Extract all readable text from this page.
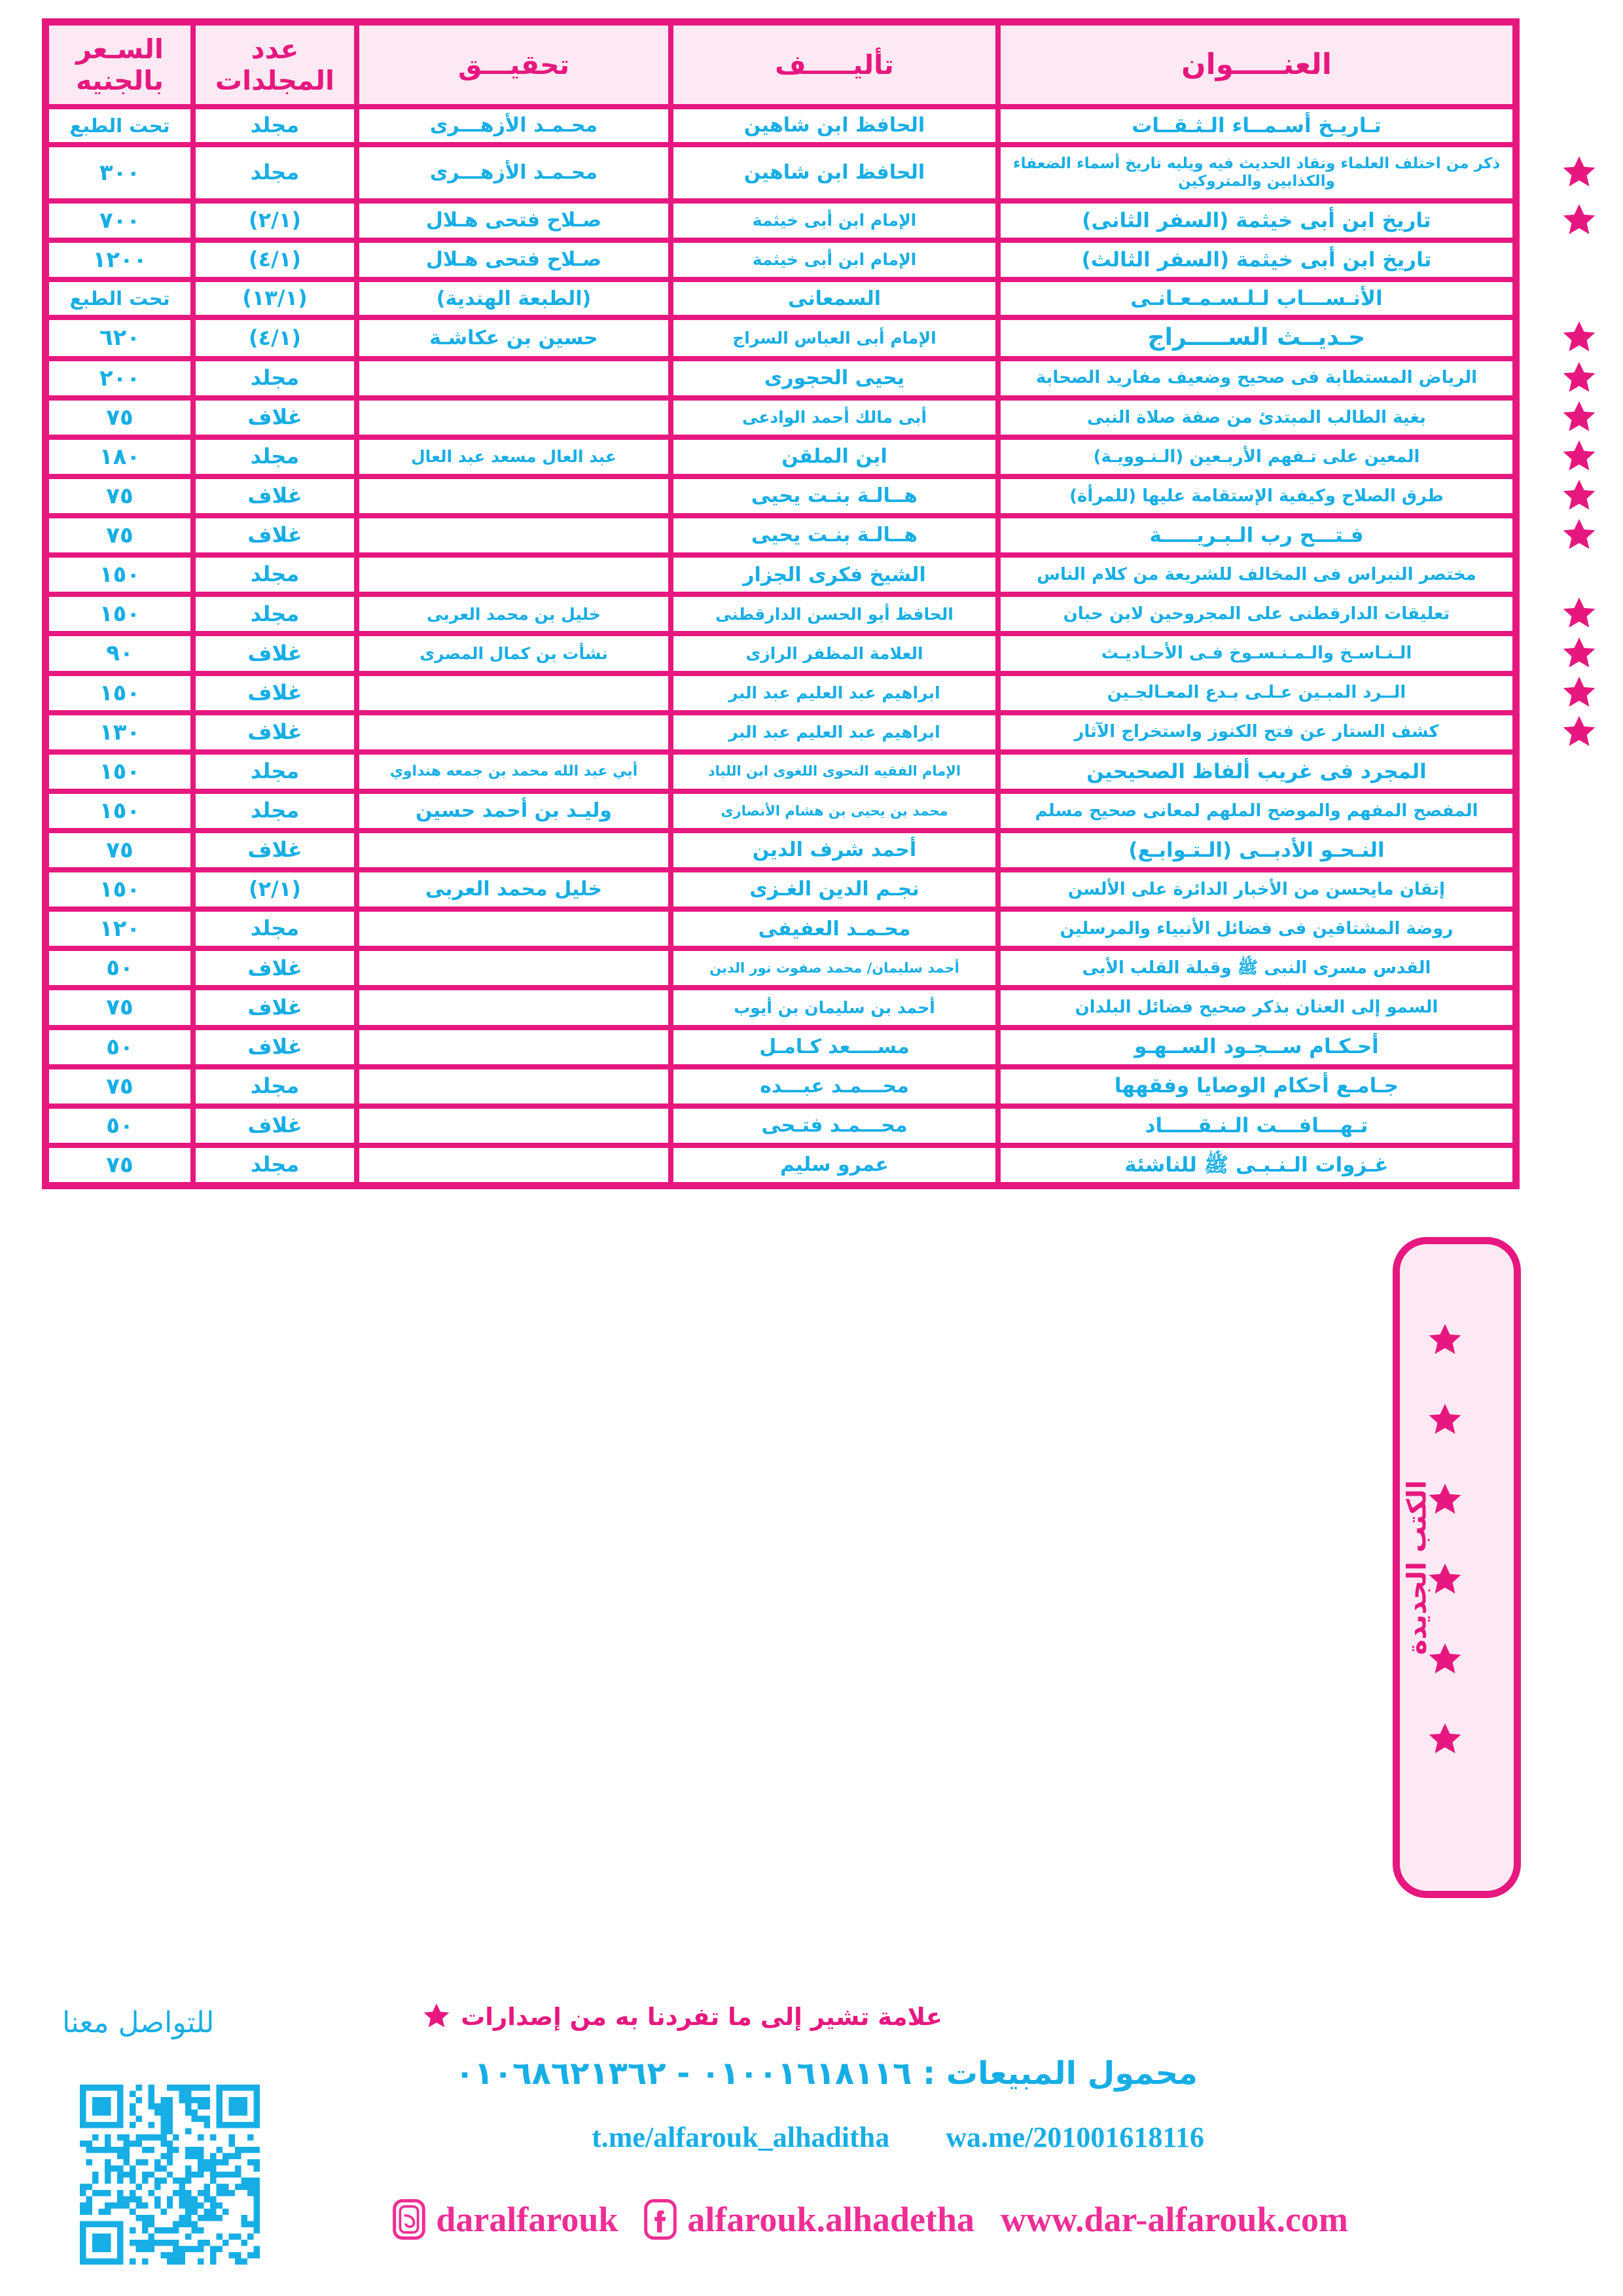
العنـــــوان	تأليـــــف	تحقيـــق	عدد المجلدات	السـعر بالجنيه
تـاريـخ أسـمــاء الـثـقــات	الحافظ ابن شاهين	محـمـد الأزهـــرى	مجلد	تحت الطبع
ذكر من اختلف العلماء ونقاد الحديث فيه ويليه تاريخ أسماء الضعفاء والكذابين والمتروكين	الحافظ ابن شاهين	محـمـد الأزهـــرى	مجلد	٣٠٠
تاريخ ابن أبى خيثمة (السفر الثانى)	الإمام ابن أبى خيثمة	صـلاح فتحى هـلال	(٢/١)	٧٠٠
تاريخ ابن أبى خيثمة (السفر الثالث)	الإمام ابن أبى خيثمة	صـلاح فتحى هـلال	(٤/١)	١٢٠٠
الأنـســـاب لـلـسـمـعـانـى	السمعانى	(الطبعة الهندية)	(١٣/١)	تحت الطبع
حـديــث الســـــراج	الإمام أبى العباس السراج	حسين بن عكاشـة	(٤/١)	٦٢٠
الرياض المستطابة فى صحيح وضعيف مفاريد الصحابة	يحيى الحجورى		مجلد	٢٠٠
بغية الطالب المبتدئ من صفة صلاة النبى	أبى مالك أحمد الوادعى		غلاف	٧٥
المعين على تـفهم الأربـعين (الـنـوويـة)	ابن الملقن	عبد العال مسعد عبد العال	مجلد	١٨٠
طرق الصلاح وكيفية الإستقامة عليها (للمرأة)	هــالـة بنـت يحيى		غلاف	٧٥
فـتـــح رب الـبـريـــــة	هــالـة بنـت يحيى		غلاف	٧٥
مختصر النبراس فى المخالف للشريعة من كلام الناس	الشيخ فكرى الجزار		مجلد	١٥٠
تعليقات الدارقطنى على المجروحين لابن حبان	الحافظ أبو الحسن الدارقطنى	خليل بن محمد العربى	مجلد	١٥٠
الـنـاسـخ والـمـنـسـوخ فـى الأحـاديـث	العلامة المظفر الرازى	نشأت بن كمال المصرى	غلاف	٩٠
الــرد المبـين عـلـى بـدع المعـالجـين	ابراهيم عبد العليم عبد البر		غلاف	١٥٠
كشف الستار عن فتح الكنوز واستخراج الآثار	ابراهيم عبد العليم عبد البر		غلاف	١٣٠
المجرد فى غريب ألفاظ الصحيحين	الإمام الفقيه النحوى اللغوى ابن اللباد	أبي عبد الله محمد بن جمعه هنداوي	مجلد	١٥٠
المفصح المفهم والموضح الملهم لمعانى صحيح مسلم	محمد بن يحيى بن هشام الأنصارى	وليـد بن أحمد حسين	مجلد	١٥٠
النـحـو الأدبــى (الـتـوابـع)	أحمد شرف الدين		غلاف	٧٥
إتقان مايحسن من الأخبار الدائرة على الألسن	نجـم الدين الغـزى	خليل محمد العربى	(٢/١)	١٥٠
روضة المشتاقين فى فضائل الأنبياء والمرسلين	محـمـد العفيفى		مجلد	١٢٠
القدس مسرى النبى ﷺ وقبلة القلب الأبى	أحمد سليمان/ محمد صفوت نور الدين		غلاف	٥٠
السمو إلى العنان بذكر صحيح فضائل البلدان	أحمد بن سليمان بن أيوب		غلاف	٧٥
أحـكـام ســجـود الســهـو	مســــعد كـامـل		غلاف	٥٠
جـامـع أحكام الوصايا وفقهها	محـــمـد عبـــده		مجلد	٧٥
تـهـــافـــت الـنـقـــــاد	محـــمـد فتـحى		غلاف	٥٠
غـزوات الـنـبـى ﷺ للناشئة	عمرو سليم		مجلد	٧٥
الكتب الجديدة
علامة تشير إلى ما تفردنا به من إصدارات
محمول المبيعات : ٠١٠٠١٦١٨١١٦ - ٠١٠٦٨٦٢١٣٦٢
t.me/alfarouk_alhaditha wa.me/201001618116
daralfarouk alfarouk.alhadetha www.dar-alfarouk.com
للتواصل معنا
